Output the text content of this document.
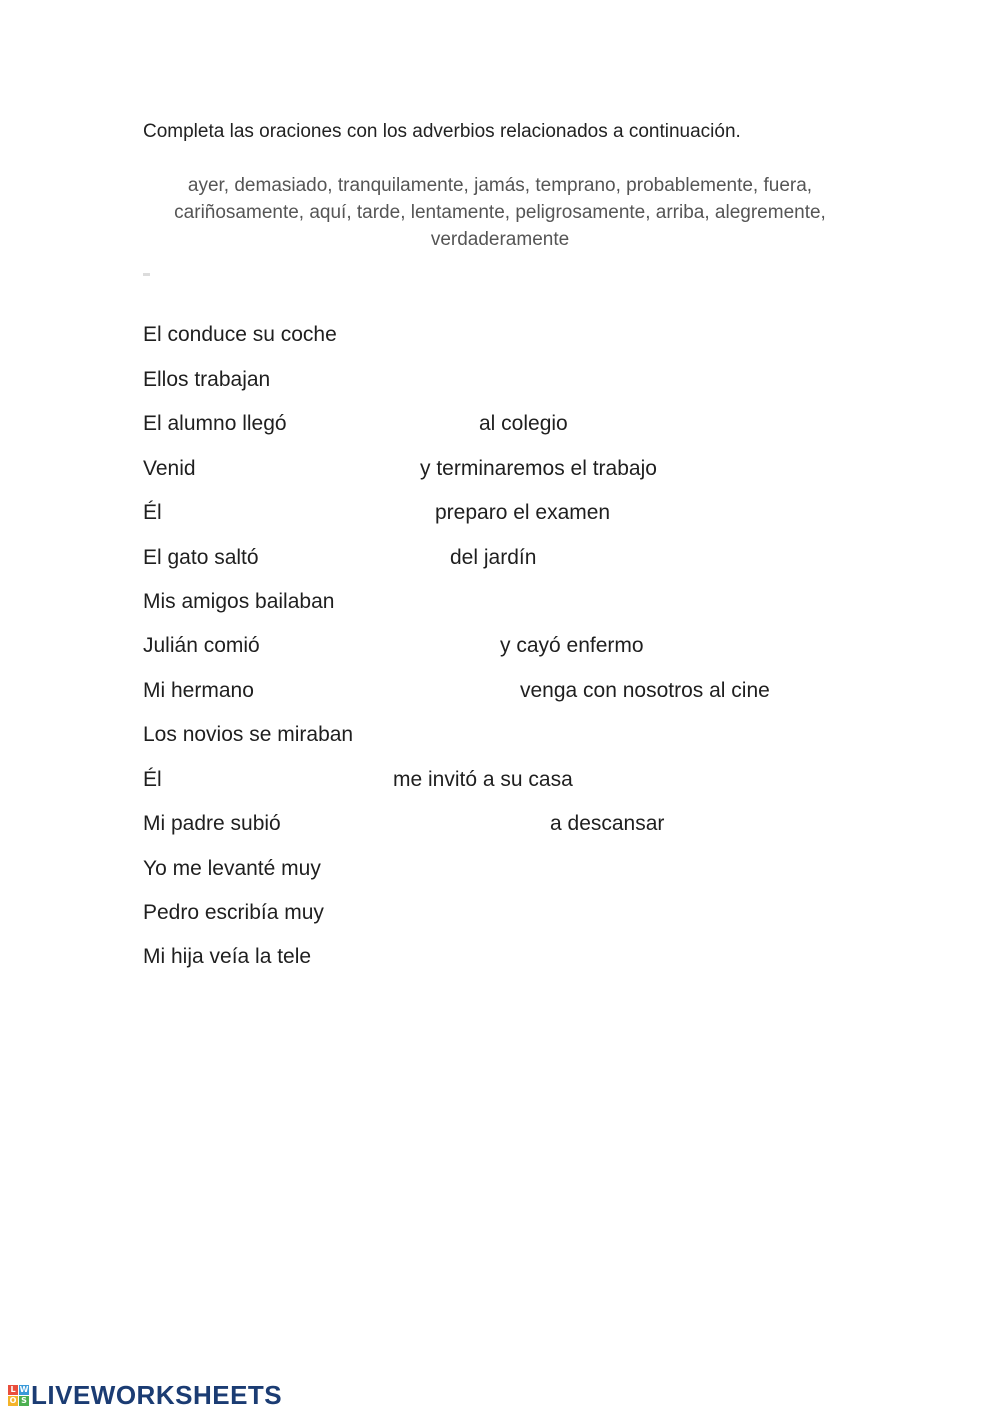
Completa las oraciones con los adverbios relacionados a continuación.

ayer, demasiado, tranquilamente, jamás, temprano, probablemente, fuera,
cariñosamente, aquí, tarde, lentamente, peligrosamente, arriba, alegremente,
verdaderamente

El conduce su coche
Ellos trabajan
El alumno llegó	al colegio
Venid	y terminaremos el trabajo
Él	preparo el examen
El gato saltó	del jardín
Mis amigos bailaban
Julián comió	y cayó enfermo
Mi hermano	venga con nosotros al cine
Los novios se miraban
Él	me invitó a su casa
Mi padre subió	a descansar
Yo me levanté muy
Pedro escribía muy
Mi hija veía la tele
L W
O S LIVEWORKSHEETS
